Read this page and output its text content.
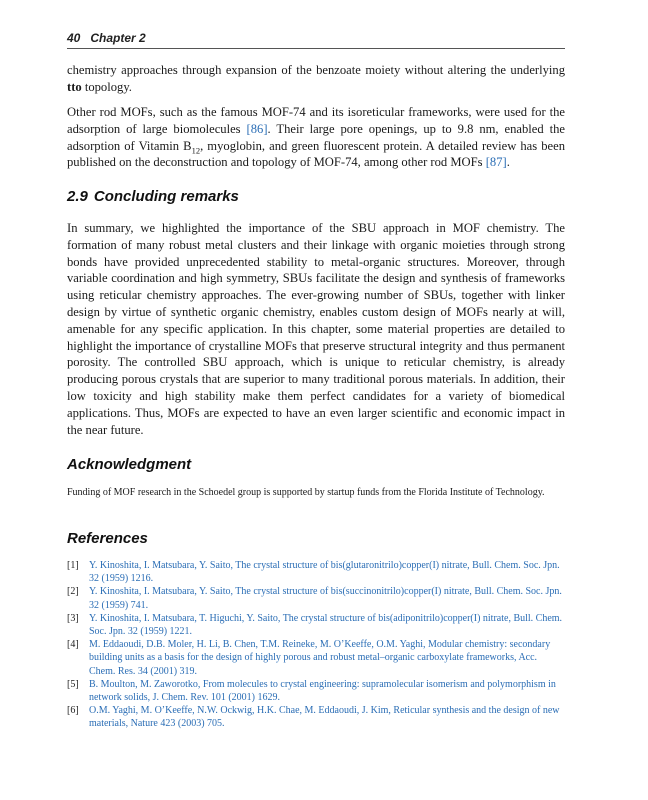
40 Chapter 2

chemistry approaches through expansion of the benzoate moiety without altering the underlying tto topology.

Other rod MOFs, such as the famous MOF-74 and its isoreticular frameworks, were used for the adsorption of large biomolecules [86]. Their large pore openings, up to 9.8 nm, enabled the adsorption of Vitamin $B_{12}$, myoglobin, and green fluorescent protein. A detailed review has been published on the deconstruction and topology of MOF-74, among other rod MOFs [87].

2.9 Concluding remarks

In summary, we highlighted the importance of the SBU approach in MOF chemistry. The formation of many robust metal clusters and their linkage with organic moieties through strong bonds have provided unprecedented stability to metal-organic structures. Moreover, through variable coordination and high symmetry, SBUs facilitate the design and synthesis of frameworks using reticular chemistry approaches. The ever-growing number of SBUs, together with linker design by virtue of synthetic organic chemistry, enables custom design of MOFs nearly at will, amenable for any specific application. In this chapter, some material properties are detailed to highlight the importance of crystalline MOFs that preserve structural integrity and thus permanent porosity. The controlled SBU approach, which is unique to reticular chemistry, is already producing porous crystals that are superior to many traditional porous materials. In addition, their low toxicity and high stability make them perfect candidates for a variety of biomedical applications. Thus, MOFs are expected to have an even larger scientific and economic impact in the near future.

Acknowledgment
Funding of MOF research in the Schoedel group is supported by startup funds from the Florida Institute of Technology.
References
[1]	Y. Kinoshita, I. Matsubara, Y. Saito, The crystal structure of bis(glutaronitrilo)copper(I) nitrate, Bull. Chem. Soc. Jpn. 32 (1959) 1216.
[2]	Y. Kinoshita, I. Matsubara, Y. Saito, The crystal structure of bis(succinonitrilo)copper(I) nitrate, Bull. Chem. Soc. Jpn. 32 (1959) 741.
[3]	Y. Kinoshita, I. Matsubara, T. Higuchi, Y. Saito, The crystal structure of bis(adiponitrilo)copper(I) nitrate, Bull. Chem. Soc. Jpn. 32 (1959) 1221.
[4]	M. Eddaoudi, D.B. Moler, H. Li, B. Chen, T.M. Reineke, M. O’Keeffe, O.M. Yaghi, Modular chemistry: secondary building units as a basis for the design of highly porous and robust metal–organic carboxylate frameworks, Acc. Chem. Res. 34 (2001) 319.
[5]	B. Moulton, M. Zaworotko, From molecules to crystal engineering: supramolecular isomerism and polymorphism in network solids, J. Chem. Rev. 101 (2001) 1629.
[6]	O.M. Yaghi, M. O’Keeffe, N.W. Ockwig, H.K. Chae, M. Eddaoudi, J. Kim, Reticular synthesis and the design of new materials, Nature 423 (2003) 705.
